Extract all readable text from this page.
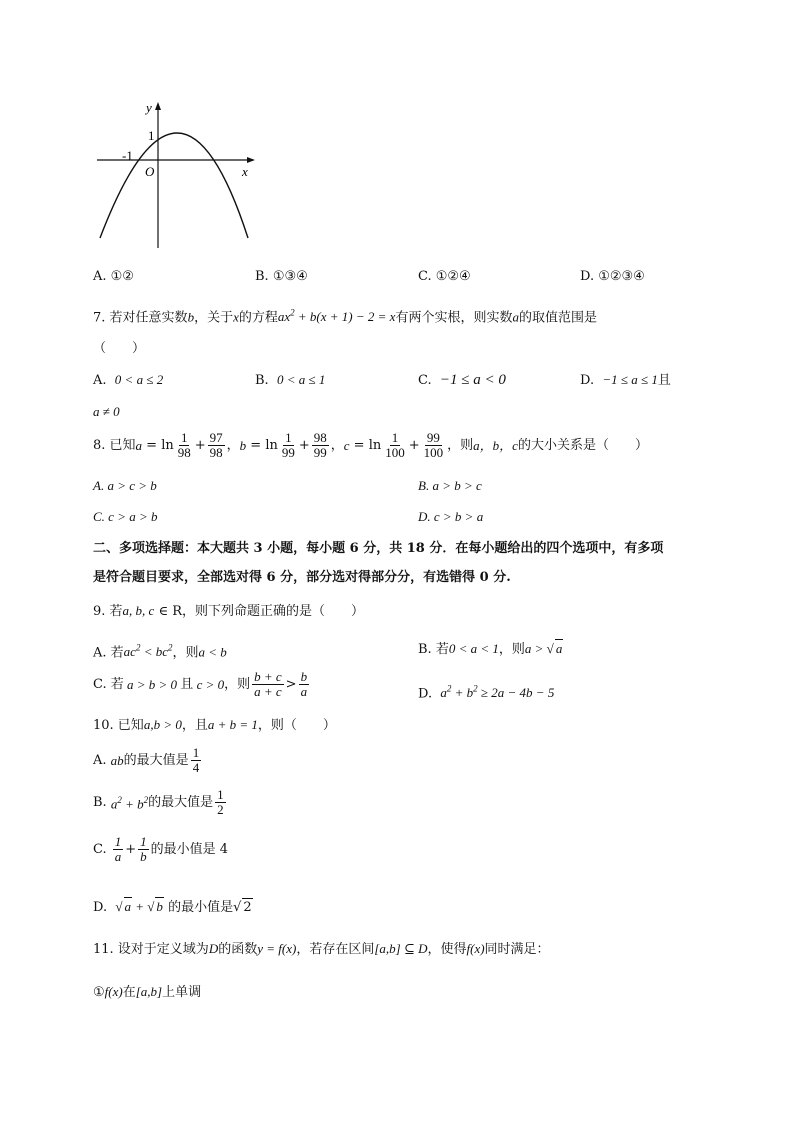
y
x
O
1
-1
A. ①②	B. ①③④	C. ①②④	D. ①②③④
7. 若对任意实数b，关于x的方程$ax^2 + b(x + 1) - 2 = x$有两个实根，则实数a的取值范围是
（　　）
A. 0 < a ≤ 2	B. 0 < a ≤ 1	C. −1 ≤ a < 0	D. −1 ≤ a ≤ 1且
a ≠ 0
8. 已知 $a = \ln \frac{1}{98} + \frac{97}{98}$ ， $b = \ln \frac{1}{99} + \frac{98}{99}$ ， $c = \ln \frac{1}{100} + \frac{99}{100}$ ，则 a，b，c 的大小关系是（　　）
A. a > c > b	B. a > b > c
C. c > a > b	D. c > b > a
二、多项选择题：本大题共 3 小题，每小题 6 分，共 18 分．在每小题给出的四个选项中，有多项
是符合题目要求，全部选对得 6 分，部分选对得部分分，有选错得 0 分.
9. 若a, b, c ∈ R，则下列命题正确的是（　　）
A. 若$ac^2 < bc^2$，则a < b	B. 若0 < a < 1，则a > √ a
C. 若 a > b > 0 且 c > 0 ，则 $\frac{b + c}{a + c} > \frac{b}{a}$	D. $a^2 + b^2 \ge 2a - 4b - 5$
10. 已知a,b > 0，且a + b = 1，则（　　）
A.
ab 的最大值是 $\frac{1}{4}$
B.
$a^2 + b^2$ 的最大值是 $\frac{1}{2}$
C.
$\frac{1}{a} + \frac{1}{b}$ 的最小值是 4
D. √ a + √ b 的最小值是√ 2
11. 设对于定义域为D的函数y = f(x)，若存在区间[a,b] ⊆ D，使得f(x)同时满足：
①f(x)在[a,b]上单调
